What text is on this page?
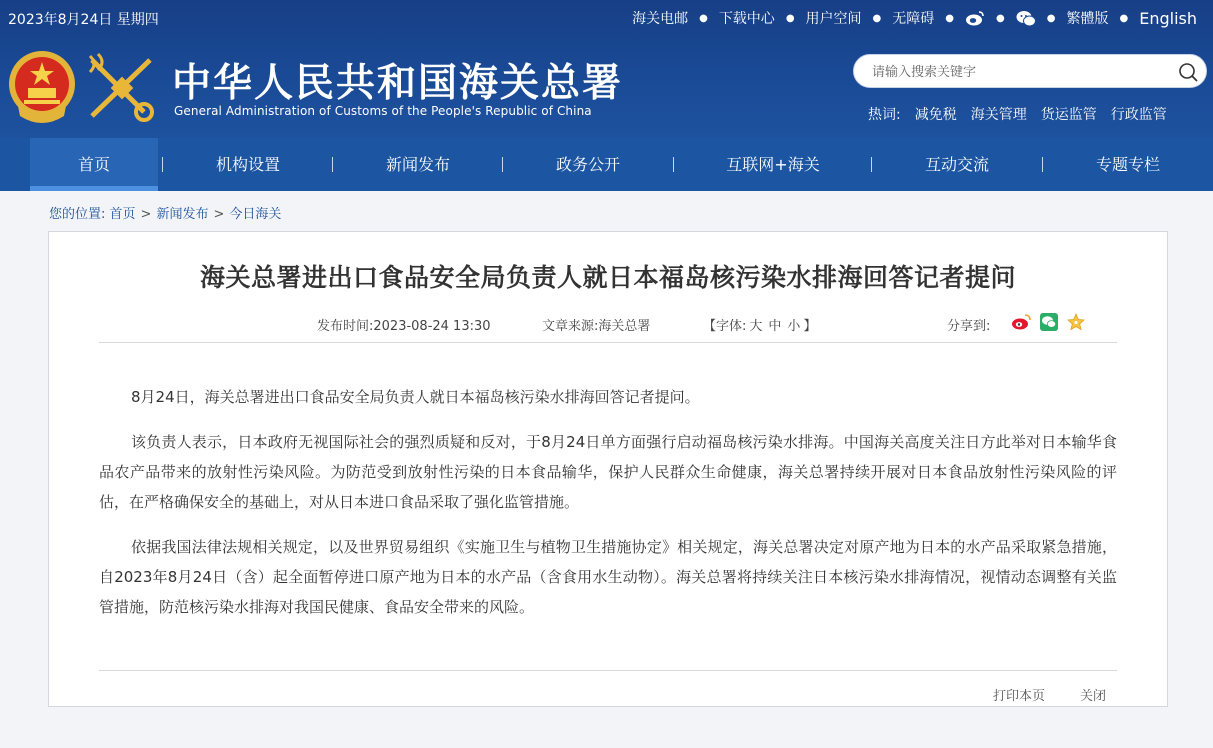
2023年8月24日 星期四	海关电邮 ● 下载中心 ● 用户空间 ● 无障碍 ●	●	● 繁體版 ● English
中华人民共和国海关总署
General Administration of Customs of the People's Republic of China
请输入搜索关键字	热词: 减免税 海关管理 货运监管 行政监管
首页	机构设置	新闻发布	政务公开	互联网+海关	互动交流	专题专栏
您的位置: 首页 > 新闻发布 > 今日海关
海关总署进出口食品安全局负责人就日本福岛核污染水排海回答记者提问
发布时间:2023-08-24 13:30	文章来源:海关总署	【字体: 大 中 小 】	分享到:

8月24日，海关总署进出口食品安全局负责人就日本福岛核污染水排海回答记者提问。

该负责人表示，日本政府无视国际社会的强烈质疑和反对，于8月24日单方面强行启动福岛核污染水排海。中国海关高度关注日方此举对日本输华食品农产品带来的放射性污染风险。为防范受到放射性污染的日本食品输华，保护人民群众生命健康，海关总署持续开展对日本食品放射性污染风险的评估，在严格确保安全的基础上，对从日本进口食品采取了强化监管措施。

依据我国法律法规相关规定，以及世界贸易组织《实施卫生与植物卫生措施协定》相关规定，海关总署决定对原产地为日本的水产品采取紧急措施，自2023年8月24日（含）起全面暂停进口原产地为日本的水产品（含食用水生动物）。海关总署将持续关注日本核污染水排海情况，视情动态调整有关监管措施，防范核污染水排海对我国民健康、食品安全带来的风险。

打印本页	关闭
